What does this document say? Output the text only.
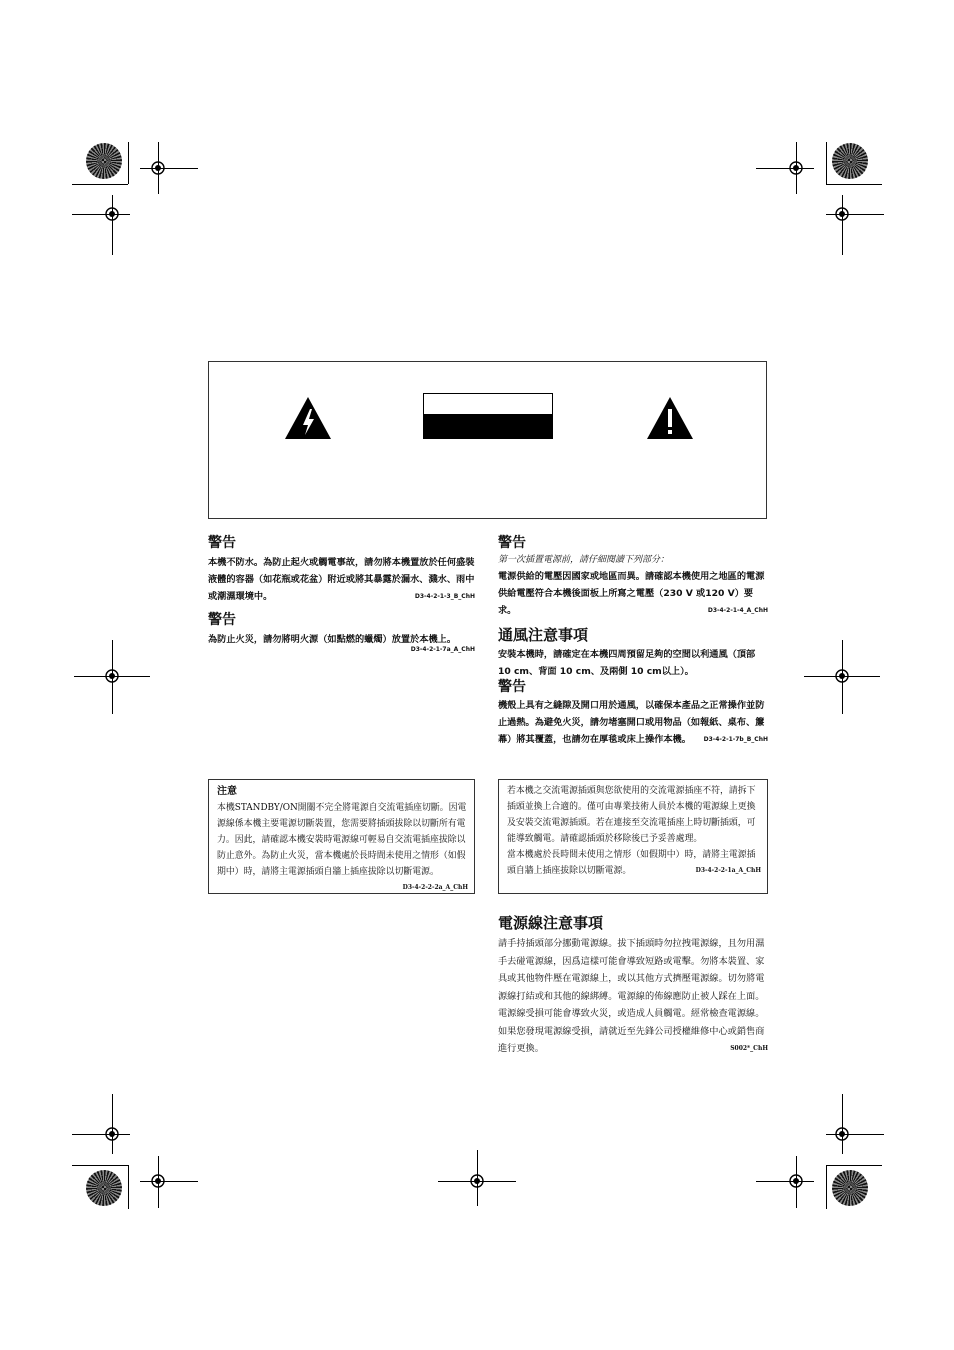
警告

本機不防水。為防止起火或觸電事故，請勿將本機置放於任何盛裝液體的容器（如花瓶或花盆）附近或將其暴露於漏水、濺水、雨中或潮濕環境中。	D3-4-2-1-3_B_ChH

警告

為防止火災，請勿將明火源（如點燃的蠟燭）放置於本機上。

D3-4-2-1-7a_A_ChH
注意

本機STANDBY/ON開關不完全將電源自交流電插座切斷。因電源線係本機主要電源切斷裝置，您需要將插頭拔除以切斷所有電力。因此，請確認本機安裝時電源線可輕易自交流電插座拔除以防止意外。為防止火災，當本機處於長時間未使用之情形（如假期中）時，請將主電源插頭自牆上插座拔除以切斷電源。
D3-4-2-2-2a_A_ChH

警告

第一次插置電源前，請仔細閱讀下列部分：

電源供給的電壓因國家或地區而異。請確認本機使用之地區的電源供給電壓符合本機後面板上所寫之電壓（230 V 或120 V）要求。	D3-4-2-1-4_A_ChH

通風注意事項

安裝本機時，請確定在本機四周預留足夠的空間以利通風（頂部 10 cm、背面 10 cm、及兩側 10 cm以上）。

警告

機殼上具有之縫隙及開口用於通風，以確保本產品之正常操作並防止過熱。為避免火災，請勿堵塞開口或用物品（如報紙、桌布、簾幕）將其覆蓋，也請勿在厚毯或床上操作本機。 D3-4-2-1-7b_B_ChH

若本機之交流電源插頭與您欲使用的交流電源插座不符，請拆下插頭並換上合適的。僅可由專業技術人員於本機的電源線上更換及安裝交流電源插頭。若在連接至交流電插座上時切斷插頭，可能導致觸電。請確認插頭於移除後已予妥善處理。

當本機處於長時間未使用之情形（如假期中）時，請將主電源插頭自牆上插座拔除以切斷電源。	D3-4-2-2-1a_A_ChH

電源線注意事項

請手持插頭部分挪動電源線。拔下插頭時勿拉拽電源線，且勿用濕手去碰電源線，因爲這樣可能會導致短路或電擊。勿將本裝置、家具或其他物件壓在電源線上，或以其他方式擠壓電源線。切勿將電源線打結或和其他的線綁縛。電源線的佈線應防止被人踩在上面。電源線受損可能會導致火災，或造成人員觸電。經常檢查電源線。如果您發現電源線受損，請就近至先鋒公司授權維修中心或銷售商進行更換。	S002*_ChH
